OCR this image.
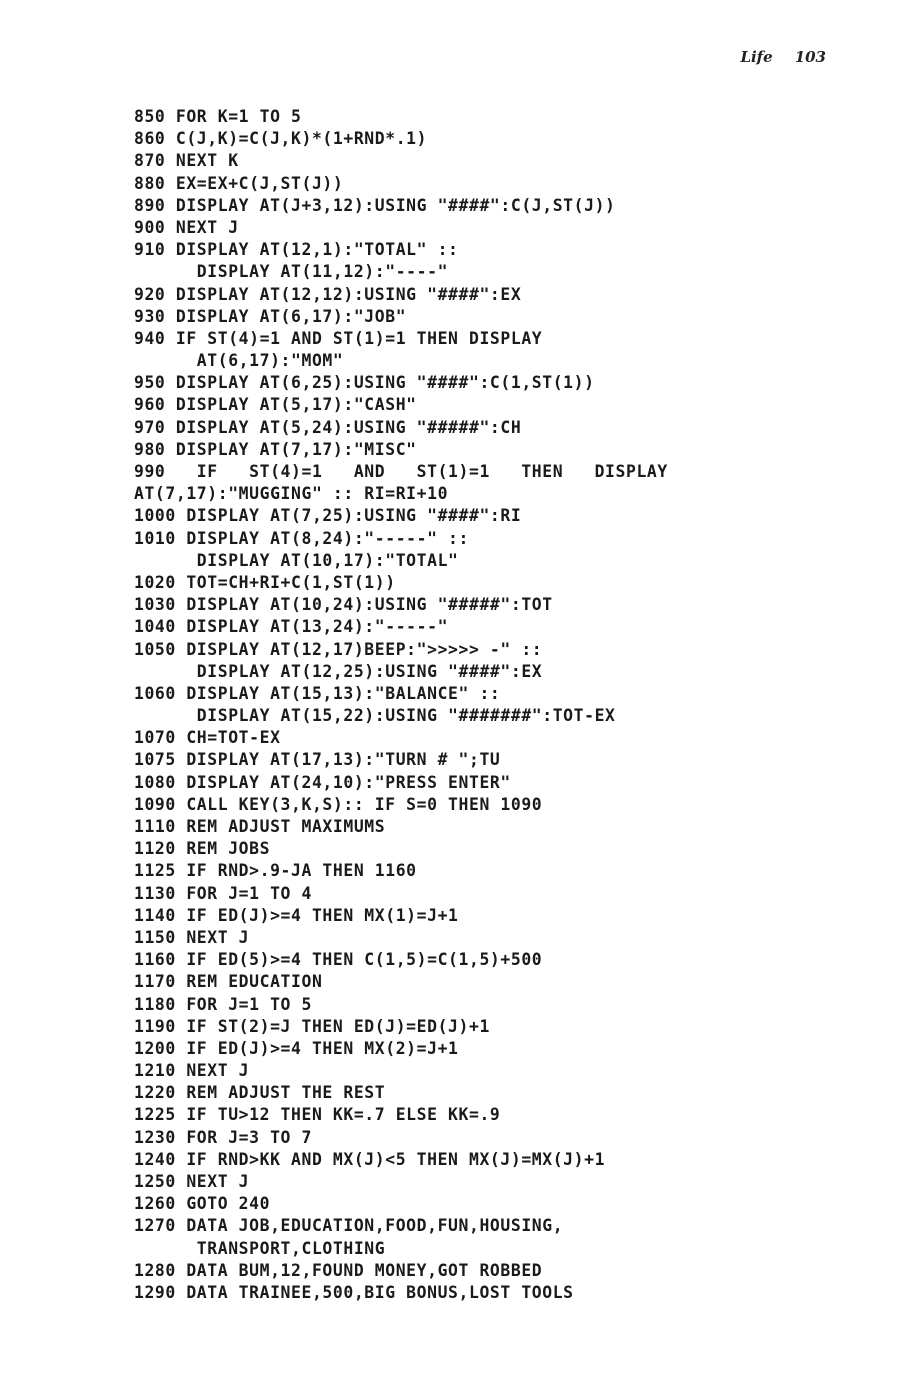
Life 103
850 FOR K=1 TO 5
860 C(J,K)=C(J,K)*(1+RND*.1)
870 NEXT K
880 EX=EX+C(J,ST(J))
890 DISPLAY AT(J+3,12):USING "####":C(J,ST(J))
900 NEXT J
910 DISPLAY AT(12,1):"TOTAL" ::
DISPLAY AT(11,12):"----"
920 DISPLAY AT(12,12):USING "####":EX
930 DISPLAY AT(6,17):"JOB"
940 IF ST(4)=1 AND ST(1)=1 THEN DISPLAY
AT(6,17):"MOM"
950 DISPLAY AT(6,25):USING "####":C(1,ST(1))
960 DISPLAY AT(5,17):"CASH"
970 DISPLAY AT(5,24):USING "#####":CH
980 DISPLAY AT(7,17):"MISC"
990   IF   ST(4)=1   AND   ST(1)=1   THEN   DISPLAY
AT(7,17):"MUGGING" :: RI=RI+10
1000 DISPLAY AT(7,25):USING "####":RI
1010 DISPLAY AT(8,24):"-----" ::
DISPLAY AT(10,17):"TOTAL"
1020 TOT=CH+RI+C(1,ST(1))
1030 DISPLAY AT(10,24):USING "#####":TOT
1040 DISPLAY AT(13,24):"-----"
1050 DISPLAY AT(12,17)BEEP:">>>>> -" ::
DISPLAY AT(12,25):USING "####":EX
1060 DISPLAY AT(15,13):"BALANCE" ::
DISPLAY AT(15,22):USING "#######":TOT-EX
1070 CH=TOT-EX
1075 DISPLAY AT(17,13):"TURN # ";TU
1080 DISPLAY AT(24,10):"PRESS ENTER"
1090 CALL KEY(3,K,S):: IF S=0 THEN 1090
1110 REM ADJUST MAXIMUMS
1120 REM JOBS
1125 IF RND>.9-JA THEN 1160
1130 FOR J=1 TO 4
1140 IF ED(J)>=4 THEN MX(1)=J+1
1150 NEXT J
1160 IF ED(5)>=4 THEN C(1,5)=C(1,5)+500
1170 REM EDUCATION
1180 FOR J=1 TO 5
1190 IF ST(2)=J THEN ED(J)=ED(J)+1
1200 IF ED(J)>=4 THEN MX(2)=J+1
1210 NEXT J
1220 REM ADJUST THE REST
1225 IF TU>12 THEN KK=.7 ELSE KK=.9
1230 FOR J=3 TO 7
1240 IF RND>KK AND MX(J)<5 THEN MX(J)=MX(J)+1
1250 NEXT J
1260 GOTO 240
1270 DATA JOB,EDUCATION,FOOD,FUN,HOUSING,
TRANSPORT,CLOTHING
1280 DATA BUM,12,FOUND MONEY,GOT ROBBED
1290 DATA TRAINEE,500,BIG BONUS,LOST TOOLS
